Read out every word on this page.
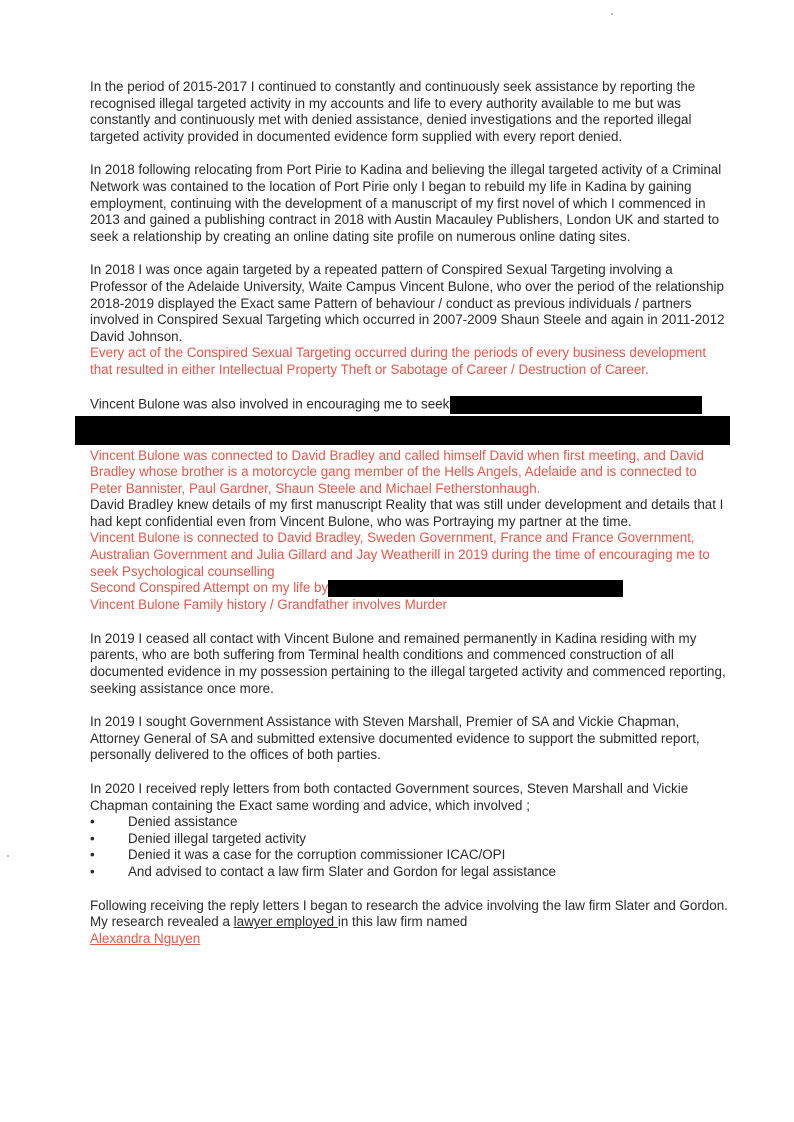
In the period of 2015-2017 I continued to constantly and continuously seek assistance by reporting the recognised illegal targeted activity in my accounts and life to every authority available to me but was constantly and continuously met with denied assistance, denied investigations and the reported illegal targeted activity provided in documented evidence form supplied with every report denied.

In 2018 following relocating from Port Pirie to Kadina and believing the illegal targeted activity of a Criminal Network was contained to the location of Port Pirie only I began to rebuild my life in Kadina by gaining employment, continuing with the development of a manuscript of my first novel of which I commenced in 2013 and gained a publishing contract in 2018 with Austin Macauley Publishers, London UK and started to seek a relationship by creating an online dating site profile on numerous online dating sites.

In 2018 I was once again targeted by a repeated pattern of Conspired Sexual Targeting involving a Professor of the Adelaide University, Waite Campus Vincent Bulone, who over the period of the relationship 2018-2019 displayed the Exact same Pattern of behaviour / conduct as previous individuals / partners involved in Conspired Sexual Targeting which occurred in 2007-2009 Shaun Steele and again in 2011-2012 David Johnson.
Every act of the Conspired Sexual Targeting occurred during the periods of every business development that resulted in either Intellectual Property Theft or Sabotage of Career / Destruction of Career.

Vincent Bulone was also involved in encouraging me to seek
Vincent Bulone was connected to David Bradley and called himself David when first meeting, and David Bradley whose brother is a motorcycle gang member of the Hells Angels, Adelaide and is connected to Peter Bannister, Paul Gardner, Shaun Steele and Michael Fetherstonhaugh.
David Bradley knew details of my first manuscript Reality that was still under development and details that I had kept confidential even from Vincent Bulone, who was Portraying my partner at the time.
Vincent Bulone is connected to David Bradley, Sweden Government, France and France Government, Australian Government and Julia Gillard and Jay Weatherill in 2019 during the time of encouraging me to seek Psychological counselling
Second Conspired Attempt on my life by
Vincent Bulone Family history / Grandfather involves Murder

In 2019 I ceased all contact with Vincent Bulone and remained permanently in Kadina residing with my parents, who are both suffering from Terminal health conditions and commenced construction of all documented evidence in my possession pertaining to the illegal targeted activity and commenced reporting, seeking assistance once more.

In 2019 I sought Government Assistance with Steven Marshall, Premier of SA and Vickie Chapman, Attorney General of SA and submitted extensive documented evidence to support the submitted report, personally delivered to the offices of both parties.

In 2020 I received reply letters from both contacted Government sources, Steven Marshall and Vickie Chapman containing the Exact same wording and advice, which involved ;

• Denied assistance
• Denied illegal targeted activity
• Denied it was a case for the corruption commissioner ICAC/OPI
• And advised to contact a law firm Slater and Gordon for legal assistance

Following receiving the reply letters I began to research the advice involving the law firm Slater and Gordon. My research revealed a lawyer employed in this law firm named
Alexandra Nguyen
